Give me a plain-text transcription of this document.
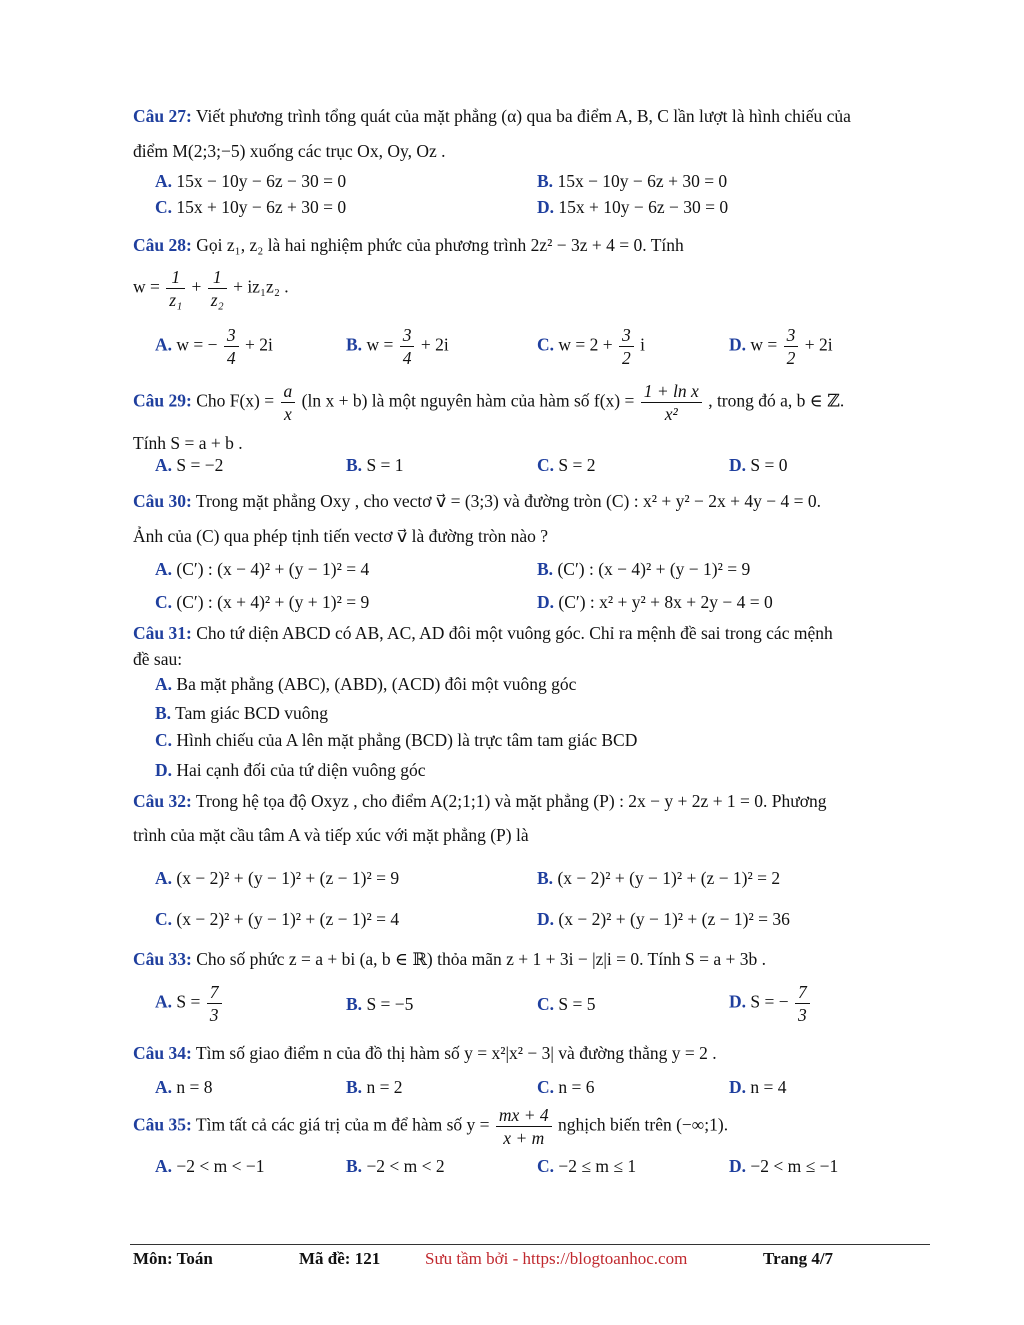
Câu 27: Viết phương trình tổng quát của mặt phẳng (α) qua ba điểm A, B, C lần lượt là hình chiếu của
điểm M(2;3;−5) xuống các trục Ox, Oy, Oz .
A. 15x − 10y − 6z − 30 = 0	B. 15x − 10y − 6z + 30 = 0
C. 15x + 10y − 6z + 30 = 0	D. 15x + 10y − 6z − 30 = 0
Câu 28: Gọi z₁, z₂ là hai nghiệm phức của phương trình 2z² − 3z + 4 = 0. Tính
$w = \frac{1}{\text{z₁}} + \frac{1}{\text{z₂}} + iz_1z_2$ .
A. w = − $\frac{3}{4} + 2i$	B. $w = \frac{3}{4} + 2i$	C. $w = 2 + \frac{3}{2}$ i	D. $w = \frac{3}{2} + 2i$
Câu 29: Cho $F(x) = \frac{a}{x} (\ln$ x + b) là một nguyên hàm của hàm số $f(x) = \frac{\text{1 + ln x}}{\text{x²}}$ , trong đó a, b ∈ ℤ.
Tính S = a + b .
A. S = −2	B. S = 1	C. S = 2	D. S = 0
Câu 30: Trong mặt phẳng Oxy , cho vectơ v⃗ = (3;3) và đường tròn (C) : x² + y² − 2x + 4y − 4 = 0.
Ảnh của (C) qua phép tịnh tiến vectơ v⃗ là đường tròn nào ?
A. (C′) : (x − 4)² + (y − 1)² = 4	B. (C′) : (x − 4)² + (y − 1)² = 9
C. (C′) : (x + 4)² + (y + 1)² = 9	D. (C′) : x² + y² + 8x + 2y − 4 = 0
Câu 31: Cho tứ diện ABCD có AB, AC, AD đôi một vuông góc. Chỉ ra mệnh đề sai trong các mệnh
đề sau:
A. Ba mặt phẳng (ABC), (ABD), (ACD) đôi một vuông góc
B. Tam giác BCD vuông
C. Hình chiếu của A lên mặt phẳng (BCD) là trực tâm tam giác BCD
D. Hai cạnh đối của tứ diện vuông góc
Câu 32: Trong hệ tọa độ Oxyz , cho điểm A(2;1;1) và mặt phẳng (P) : 2x − y + 2z + 1 = 0. Phương
trình của mặt cầu tâm A và tiếp xúc với mặt phẳng (P) là
A. (x − 2)² + (y − 1)² + (z − 1)² = 9	B. (x − 2)² + (y − 1)² + (z − 1)² = 2
C. (x − 2)² + (y − 1)² + (z − 1)² = 4	D. (x − 2)² + (y − 1)² + (z − 1)² = 36
Câu 33: Cho số phức z = a + bi (a, b ∈ ℝ) thỏa mãn z + 1 + 3i − |z|i = 0. Tính S = a + 3b .
A. $S = \frac{7}{3}$	B. S = −5	C. S = 5	D. S = − $\frac{7}{3}$
Câu 34: Tìm số giao điểm n của đồ thị hàm số y = x²|x² − 3| và đường thẳng y = 2 .
A. n = 8	B. n = 2	C. n = 6	D. n = 4
Câu 35: Tìm tất cả các giá trị của m để hàm số $y = \frac{mx + 4}{x + m}$ nghịch biến trên (−∞;1).
A. −2 < m < −1	B. −2 < m < 2	C. −2 ≤ m ≤ 1	D. −2 < m ≤ −1
Môn: Toán	Mã đề: 121	Sưu tầm bởi - https://blogtoanhoc.com	Trang 4/7
